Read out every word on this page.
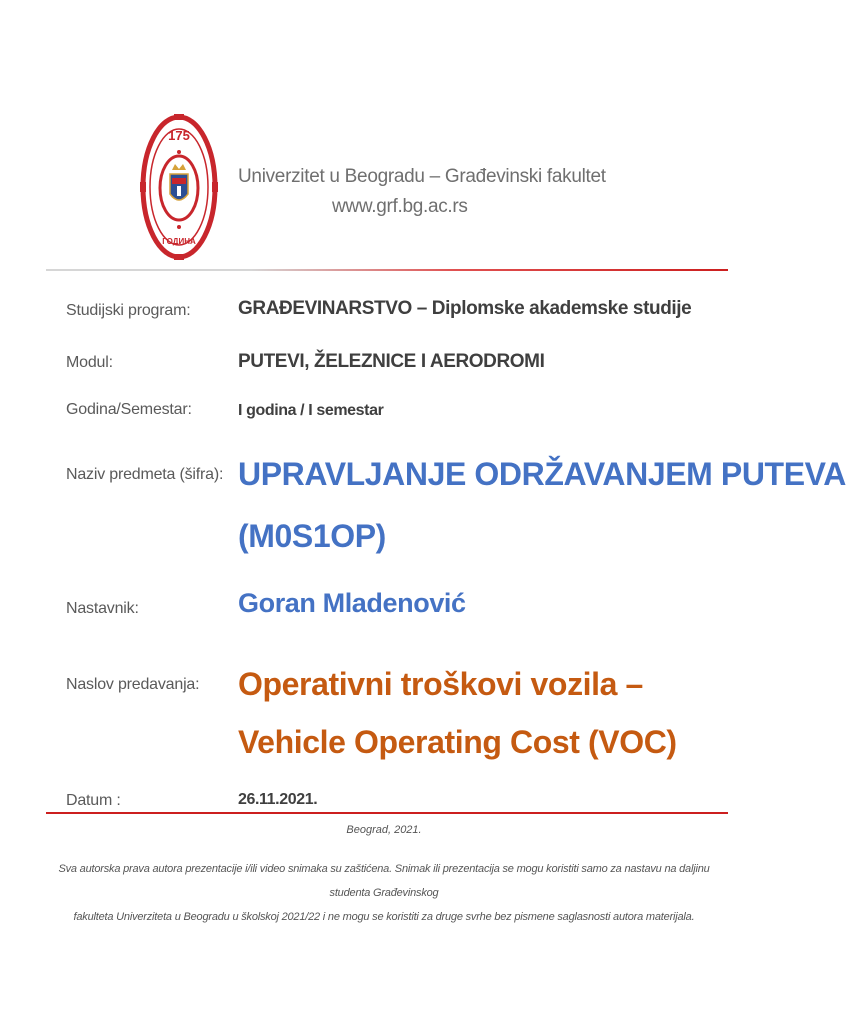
175
ГОДИНА
Univerzitet u Beogradu – Građevinski fakultet
www.grf.bg.ac.rs
Studijski program:	GRAĐEVINARSTVO – Diplomske akademske studije
Modul:	PUTEVI, ŽELEZNICE I AERODROMI
Godina/Semestar:	I godina / I semestar
Naziv predmeta (šifra): UPRAVLJANJE ODRŽAVANJEM PUTEVA
(M0S1OP)
Nastavnik:	Goran Mladenović
Naslov predavanja: Operativni troškovi vozila –
Vehicle Operating Cost (VOC)
Datum :	26.11.2021.
Beograd, 2021.
Sva autorska prava autora prezentacije i/ili video snimaka su zaštićena. Snimak ili prezentacija se mogu koristiti samo za nastavu na daljinu studenta Građevinskog
fakulteta Univerziteta u Beogradu u školskoj 2021/22 i ne mogu se koristiti za druge svrhe bez pismene saglasnosti autora materijala.
